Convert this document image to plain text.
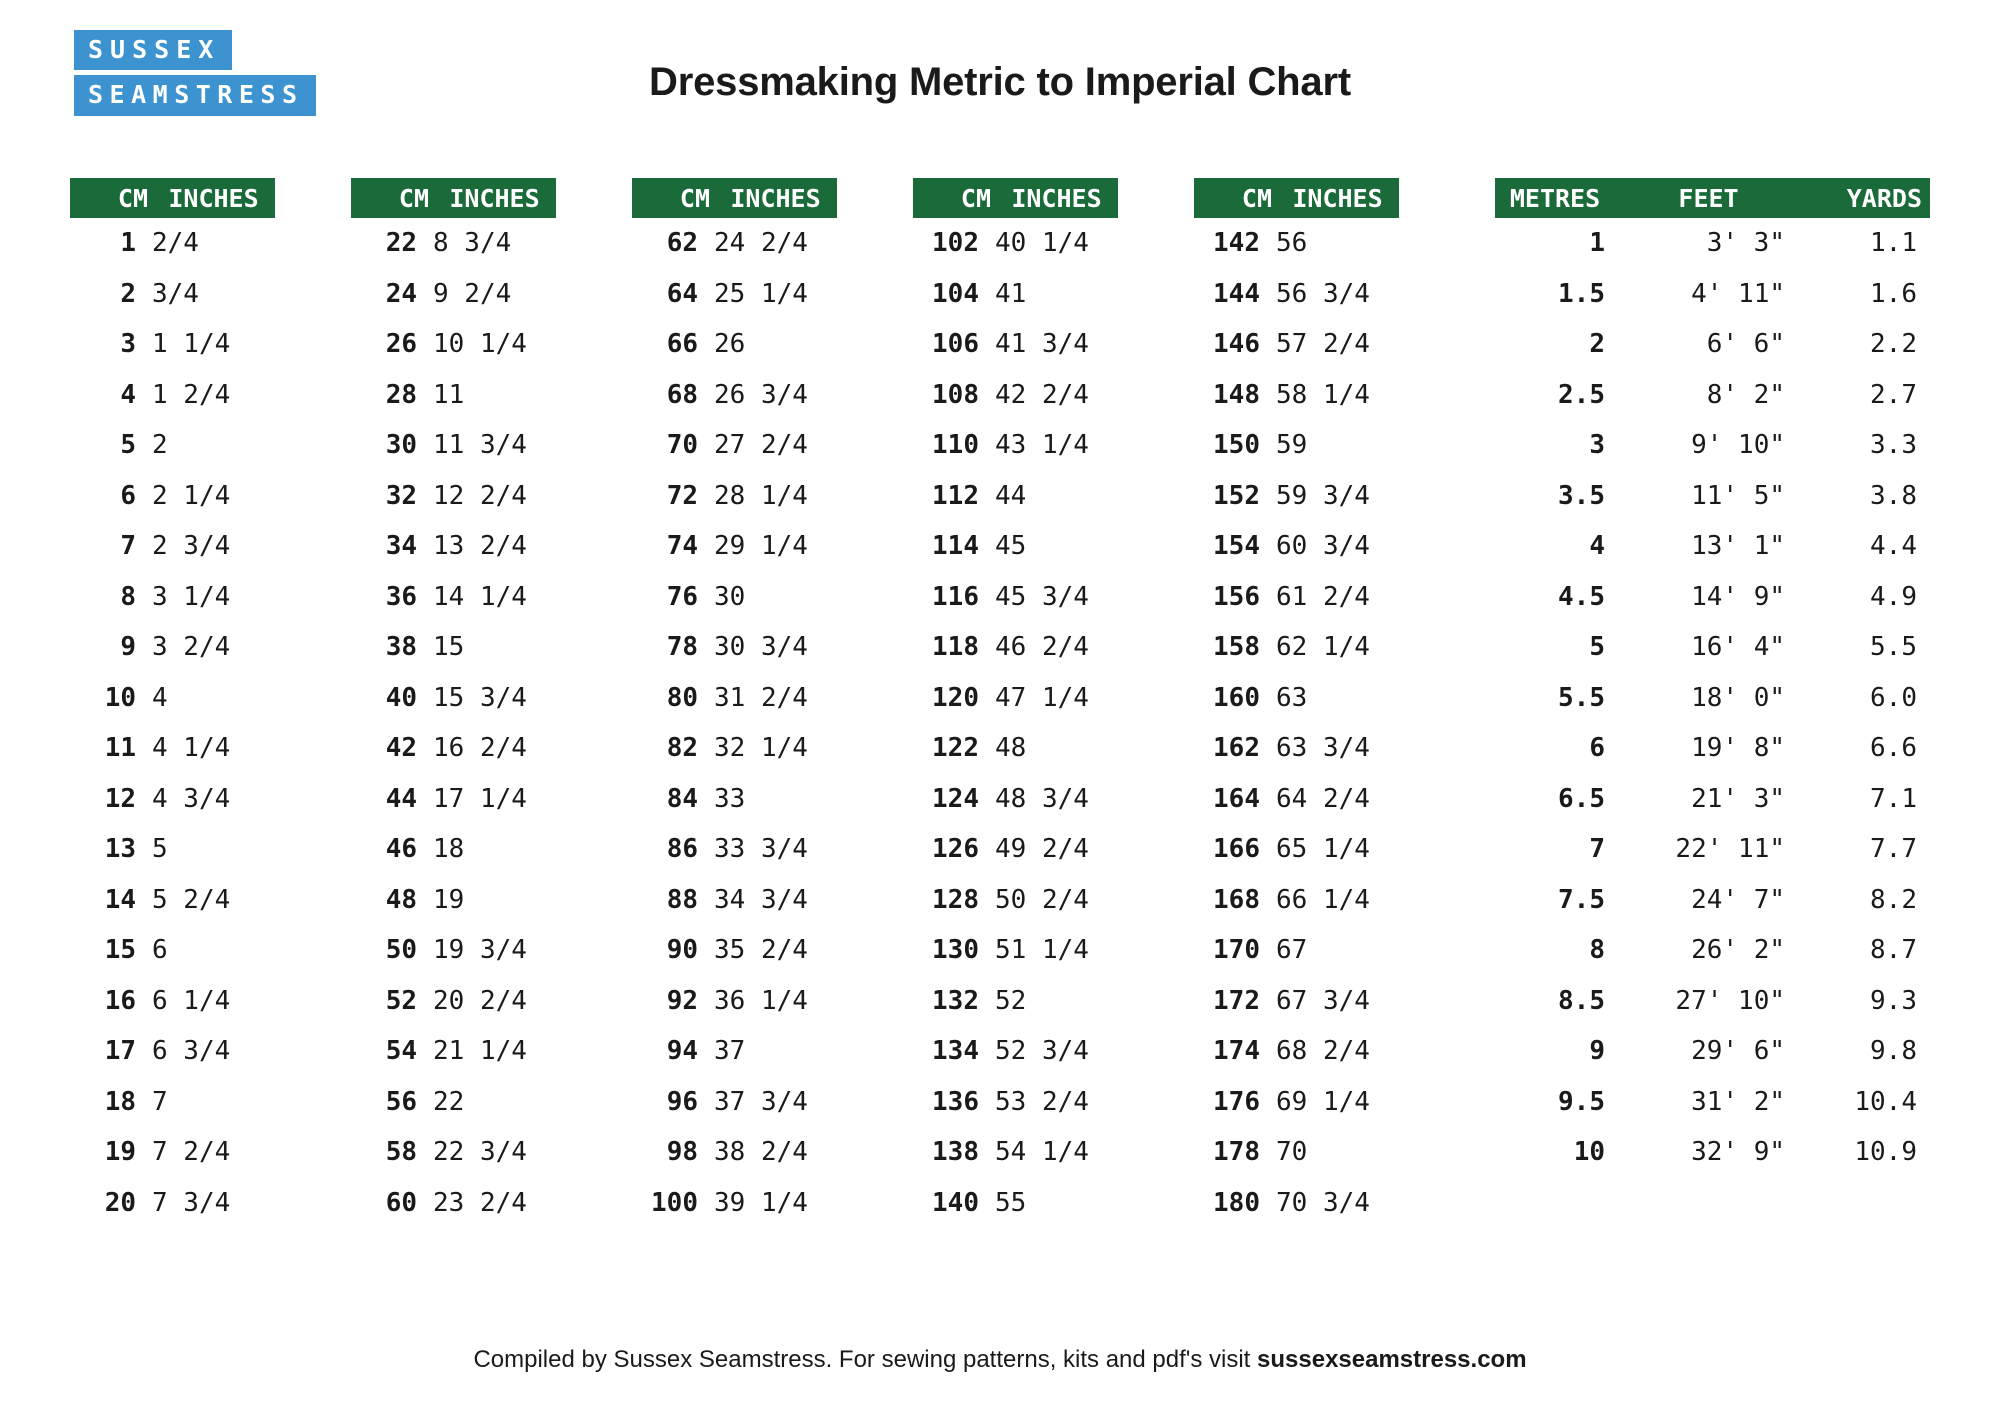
SUSSEX SEAMSTRESS	Dressmaking Metric to Imperial Chart
CM INCHES
1 2/4
2 3/4
3 1 1/4
4 1 2/4
5 2
6 2 1/4
7 2 3/4
8 3 1/4
9 3 2/4
10 4
11 4 1/4
12 4 3/4
13 5
14 5 2/4
15 6
16 6 1/4
17 6 3/4
18 7
19 7 2/4
20 7 3/4
CM INCHES
22 8 3/4
24 9 2/4
26 10 1/4
28 11
30 11 3/4
32 12 2/4
34 13 2/4
36 14 1/4
38 15
40 15 3/4
42 16 2/4
44 17 1/4
46 18
48 19
50 19 3/4
52 20 2/4
54 21 1/4
56 22
58 22 3/4
60 23 2/4
CM INCHES
62 24 2/4
64 25 1/4
66 26
68 26 3/4
70 27 2/4
72 28 1/4
74 29 1/4
76 30
78 30 3/4
80 31 2/4
82 32 1/4
84 33
86 33 3/4
88 34 3/4
90 35 2/4
92 36 1/4
94 37
96 37 3/4
98 38 2/4
100 39 1/4
CM INCHES
102 40 1/4
104 41
106 41 3/4
108 42 2/4
110 43 1/4
112 44
114 45
116 45 3/4
118 46 2/4
120 47 1/4
122 48
124 48 3/4
126 49 2/4
128 50 2/4
130 51 1/4
132 52
134 52 3/4
136 53 2/4
138 54 1/4
140 55
CM INCHES
142 56
144 56 3/4
146 57 2/4
148 58 1/4
150 59
152 59 3/4
154 60 3/4
156 61 2/4
158 62 1/4
160 63
162 63 3/4
164 64 2/4
166 65 1/4
168 66 1/4
170 67
172 67 3/4
174 68 2/4
176 69 1/4
178 70
180 70 3/4
METRES	FEET	YARDS
1	3' 3"	1.1
1.5	4' 11"	1.6
2	6' 6"	2.2
2.5	8' 2"	2.7
3	9' 10"	3.3
3.5	11' 5"	3.8
4	13' 1"	4.4
4.5	14' 9"	4.9
5	16' 4"	5.5
5.5	18' 0"	6.0
6	19' 8"	6.6
6.5	21' 3"	7.1
7	22' 11"	7.7
7.5	24' 7"	8.2
8	26' 2"	8.7
8.5	27' 10"	9.3
9	29' 6"	9.8
9.5	31' 2"	10.4
10	32' 9"	10.9
Compiled by Sussex Seamstress. For sewing patterns, kits and pdf's visit sussexseamstress.com
